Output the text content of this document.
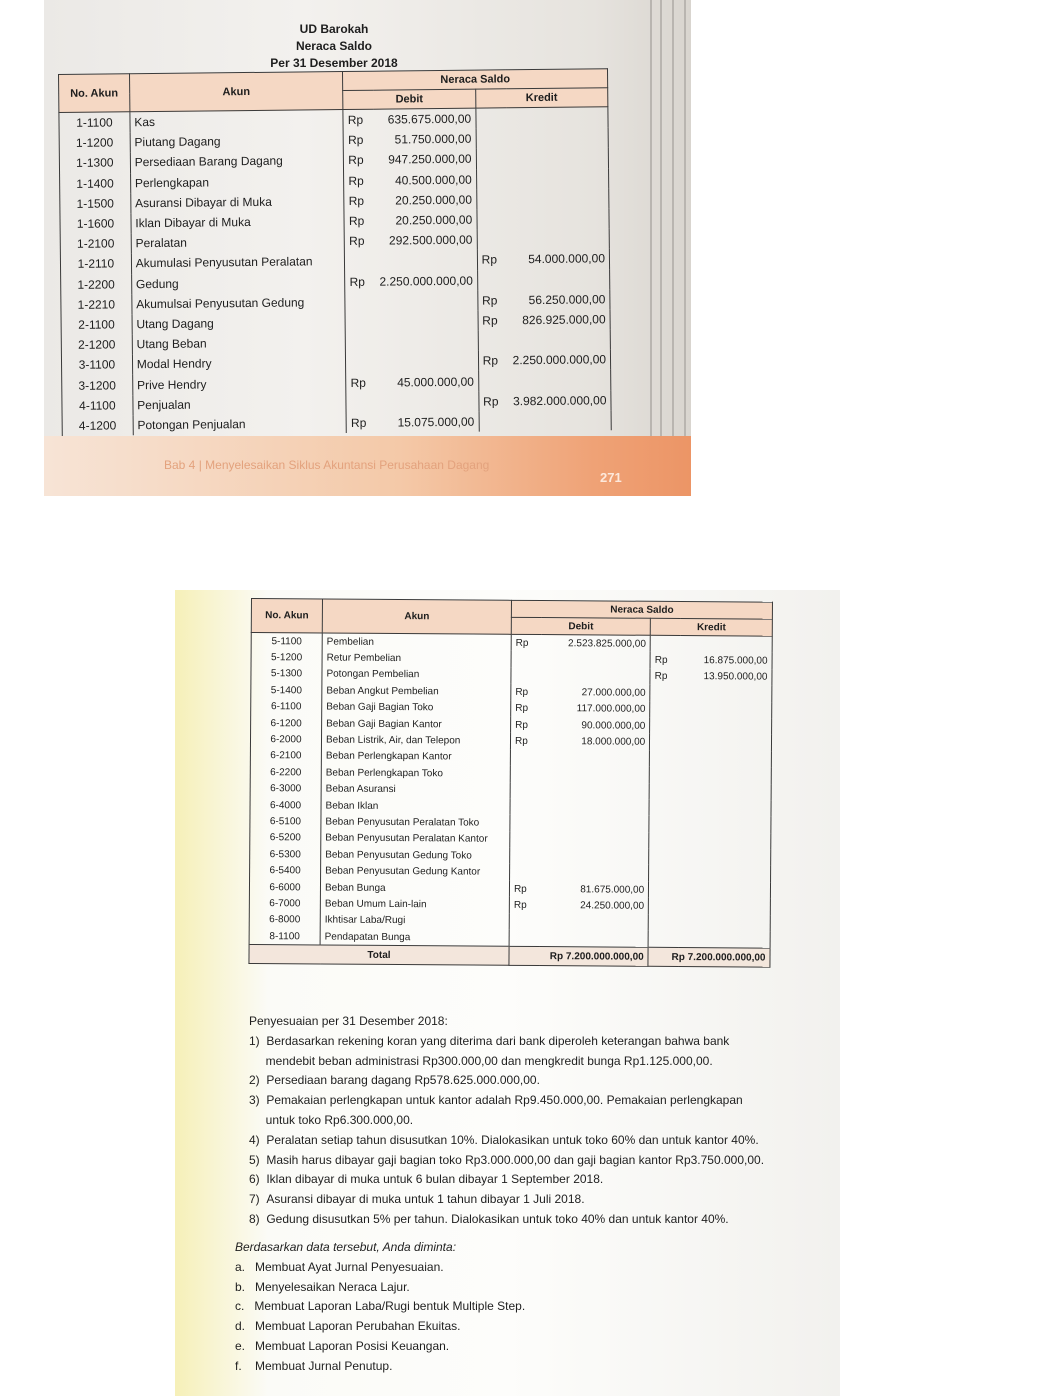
UD Barokah
Neraca Saldo
Per 31 Desember 2018
No. Akun	Akun	Neraca Saldo			
		Debit		Kredit	
1-1100	Kas	Rp	635.675.000,00		
1-1200	Piutang Dagang	Rp	51.750.000,00		
1-1300	Persediaan Barang Dagang	Rp	947.250.000,00		
1-1400	Perlengkapan	Rp	40.500.000,00		
1-1500	Asuransi Dibayar di Muka	Rp	20.250.000,00		
1-1600	Iklan Dibayar di Muka	Rp	20.250.000,00		
1-2100	Peralatan	Rp	292.500.000,00		
1-2110	Akumulasi Penyusutan Peralatan			Rp	54.000.000,00
1-2200	Gedung	Rp	2.250.000.000,00		
1-2210	Akumulsai Penyusutan Gedung			Rp	56.250.000,00
2-1100	Utang Dagang			Rp	826.925.000,00
2-1200	Utang Beban				
3-1100	Modal Hendry			Rp	2.250.000.000,00
3-1200	Prive Hendry	Rp	45.000.000,00		
4-1100	Penjualan			Rp	3.982.000.000,00
4-1200	Potongan Penjualan	Rp	15.075.000,00		
Bab 4 | Menyelesaikan Siklus Akuntansi Perusahaan Dagang
271
No. Akun	Akun	Neraca Saldo			
		Debit		Kredit	
5-1100	Pembelian	Rp	2.523.825.000,00		
5-1200	Retur Pembelian			Rp	16.875.000,00
5-1300	Potongan Pembelian			Rp	13.950.000,00
5-1400	Beban Angkut Pembelian	Rp	27.000.000,00		
6-1100	Beban Gaji Bagian Toko	Rp	117.000.000,00		
6-1200	Beban Gaji Bagian Kantor	Rp	90.000.000,00		
6-2000	Beban Listrik, Air, dan Telepon	Rp	18.000.000,00		
6-2100	Beban Perlengkapan Kantor				
6-2200	Beban Perlengkapan Toko				
6-3000	Beban Asuransi				
6-4000	Beban Iklan				
6-5100	Beban Penyusutan Peralatan Toko				
6-5200	Beban Penyusutan Peralatan Kantor				
6-5300	Beban Penyusutan Gedung Toko				
6-5400	Beban Penyusutan Gedung Kantor				
6-6000	Beban Bunga	Rp	81.675.000,00		
6-7000	Beban Umum Lain-lain	Rp	24.250.000,00		
6-8000	Ikhtisar Laba/Rugi				
8-1100	Pendapatan Bunga				
Total		Rp 7.200.000.000,00		Rp 7.200.000.000,00	
Penyesuaian per 31 Desember 2018:
1)  Berdasarkan rekening koran yang diterima dari bank diperoleh keterangan bahwa bank
mendebit beban administrasi Rp300.000,00 dan mengkredit bunga Rp1.125.000,00.
2)  Persediaan barang dagang Rp578.625.000.000,00.
3)  Pemakaian perlengkapan untuk kantor adalah Rp9.450.000,00. Pemakaian perlengkapan
untuk toko Rp6.300.000,00.
4)  Peralatan setiap tahun disusutkan 10%. Dialokasikan untuk toko 60% dan untuk kantor 40%.
5)  Masih harus dibayar gaji bagian toko Rp3.000.000,00 dan gaji bagian kantor Rp3.750.000,00.
6)  Iklan dibayar di muka untuk 6 bulan dibayar 1 September 2018.
7)  Asuransi dibayar di muka untuk 1 tahun dibayar 1 Juli 2018.
8)  Gedung disusutkan 5% per tahun. Dialokasikan untuk toko 40% dan untuk kantor 40%.
Berdasarkan data tersebut, Anda diminta:
a.   Membuat Ayat Jurnal Penyesuaian.
b.   Menyelesaikan Neraca Lajur.
c.   Membuat Laporan Laba/Rugi bentuk Multiple Step.
d.   Membuat Laporan Perubahan Ekuitas.
e.   Membuat Laporan Posisi Keuangan.
f.    Membuat Jurnal Penutup.
